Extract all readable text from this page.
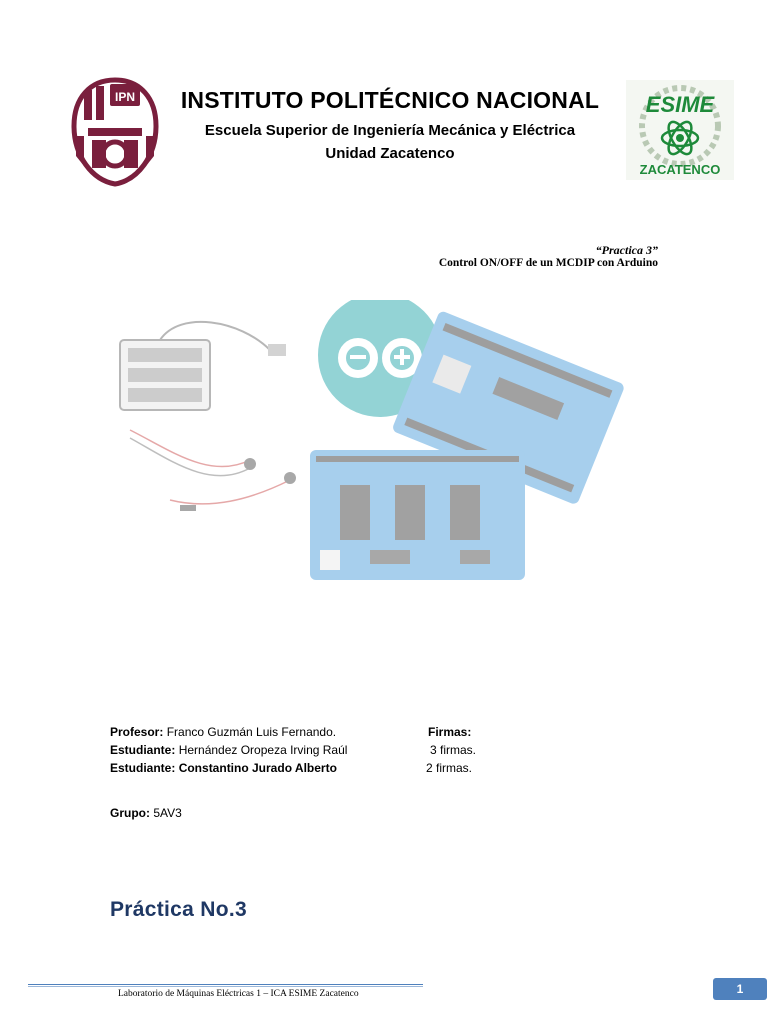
IPN	ESIME
ZACATENCO
INSTITUTO POLITÉCNICO NACIONAL
Escuela Superior de Ingeniería Mecánica y Eléctrica
Unidad Zacatenco
“Practica 3”
Control ON/OFF de un MCDIP con Arduino
Profesor: Franco Guzmán Luis Fernando.
Estudiante: Hernández Oropeza Irving Raúl
Estudiante: Constantino Jurado Alberto
Firmas:
3 firmas.
2 firmas.
Grupo: 5AV3
Práctica No.3
Laboratorio de Máquinas Eléctricas 1 – ICA ESIME Zacatenco	1
